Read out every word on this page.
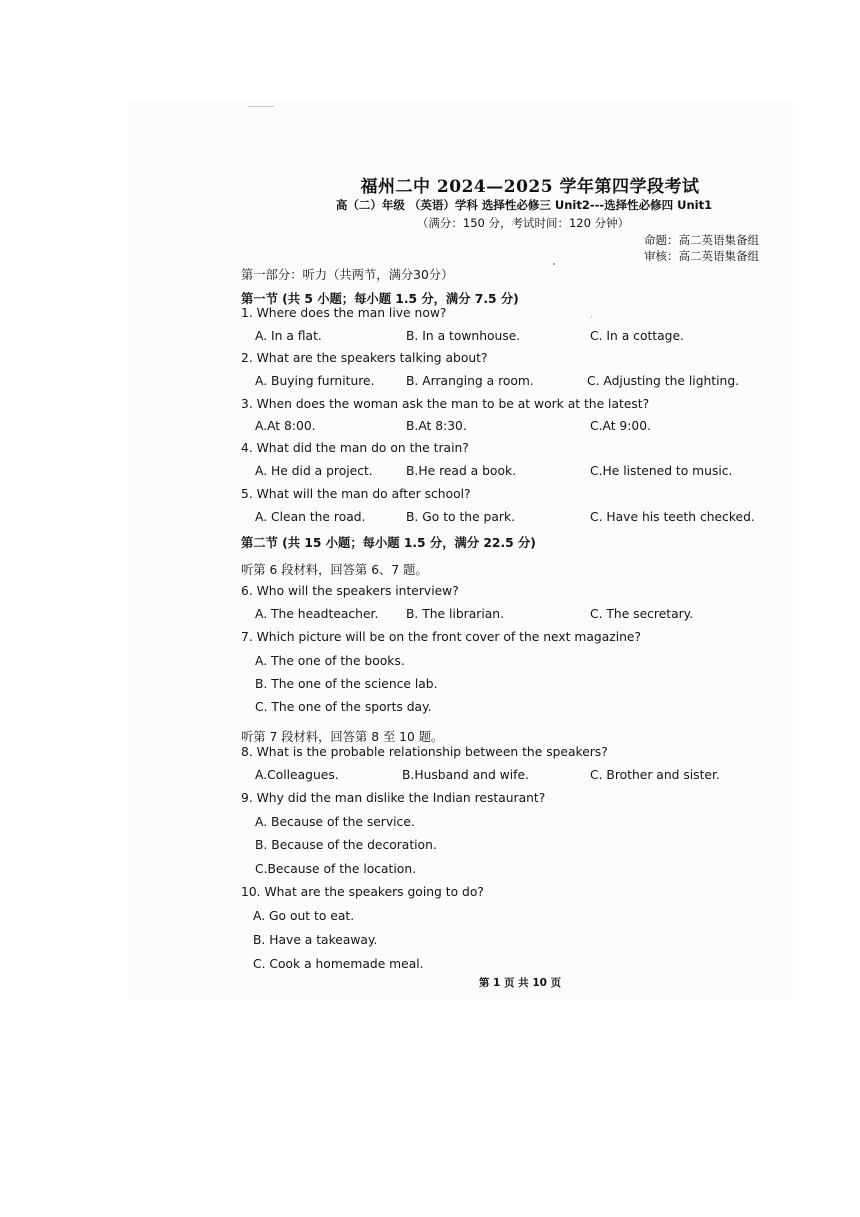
福州二中 2024—2025 学年第四学段考试
高（二）年级 （英语）学科 选择性必修三 Unit2---选择性必修四 Unit1
（满分：150 分，考试时间：120 分钟）
命题：高二英语集备组
审核：高二英语集备组
第一部分：听力（共两节，满分30分）
第一节 (共 5 小题；每小题 1.5 分，满分 7.5 分)
1. Where does the man live now?
A. In a flat.	B. In a townhouse.	C. In a cottage.
2. What are the speakers talking about?
A. Buying furniture.	B. Arranging a room.	C. Adjusting the lighting.
3. When does the woman ask the man to be at work at the latest?
A.At 8:00.	B.At 8:30.	C.At 9:00.
4. What did the man do on the train?
A. He did a project.	B.He read a book.	C.He listened to music.
5. What will the man do after school?
A. Clean the road.	B. Go to the park.	C. Have his teeth checked.
第二节 (共 15 小题；每小题 1.5 分，满分 22.5 分)
听第 6 段材料，回答第 6、7 题。
6. Who will the speakers interview?
A. The headteacher. B. The librarian.	C. The secretary.
7. Which picture will be on the front cover of the next magazine?
A. The one of the books.
B. The one of the science lab.
C. The one of the sports day.
听第 7 段材料，回答第 8 至 10 题。
8. What is the probable relationship between the speakers?
A.Colleagues.	B.Husband and wife.	C. Brother and sister.
9. Why did the man dislike the Indian restaurant?
A. Because of the service.
B. Because of the decoration.
C.Because of the location.
10. What are the speakers going to do?
A. Go out to eat.
B. Have a takeaway.
C. Cook a homemade meal.
第 1 页 共 10 页
